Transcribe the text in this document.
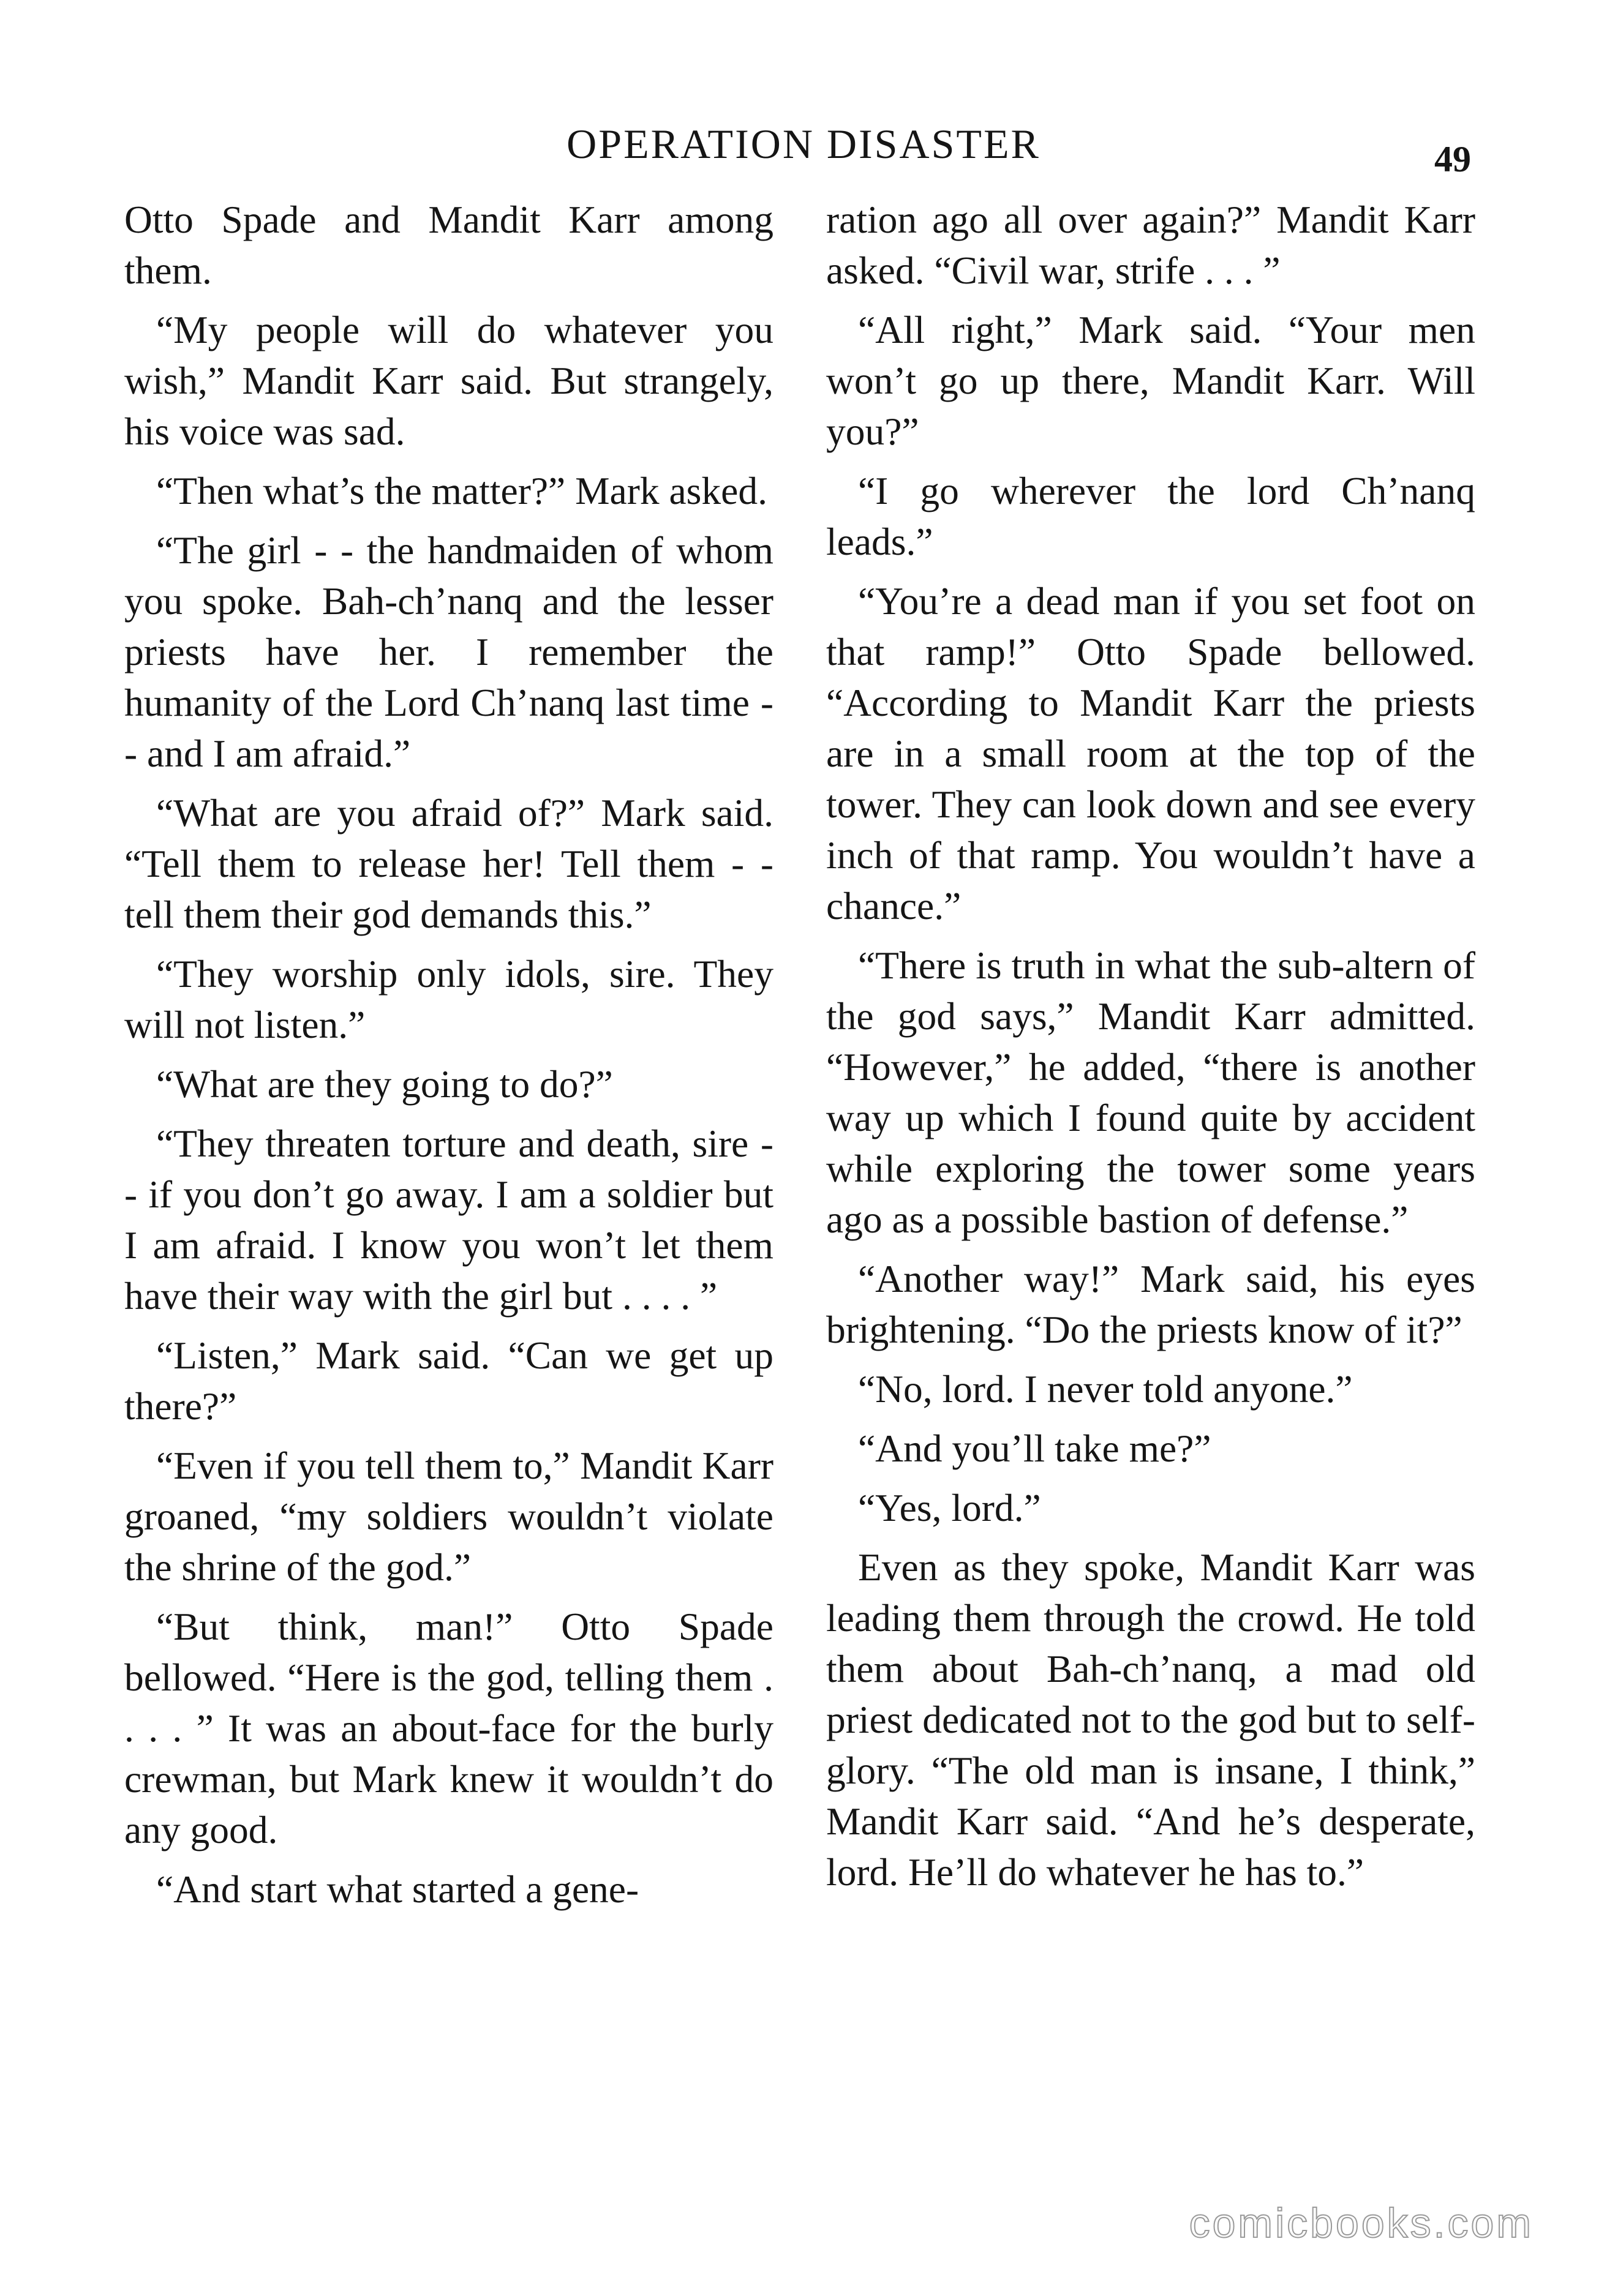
OPERATION DISASTER	49

Otto Spade and Mandit Karr among them.

“My people will do whatever you wish,” Mandit Karr said. But strangely, his voice was sad.

“Then what’s the matter?” Mark asked.

“The girl - - the handmaiden of whom you spoke. Bah-ch’nanq and the lesser priests have her. I remember the humanity of the Lord Ch’nanq last time - - and I am afraid.”

“What are you afraid of?” Mark said. “Tell them to release her! Tell them - - tell them their god demands this.”

“They worship only idols, sire. They will not listen.”

“What are they going to do?”

“They threaten torture and death, sire - - if you don’t go away. I am a soldier but I am afraid. I know you won’t let them have their way with the girl but . . . . ”

“Listen,” Mark said. “Can we get up there?”

“Even if you tell them to,” Mandit Karr groaned, “my soldiers wouldn’t violate the shrine of the god.”

“But think, man!” Otto Spade bellowed. “Here is the god, telling them . . . . ” It was an about-face for the burly crewman, but Mark knew it wouldn’t do any good.

“And start what started a gene-

ration ago all over again?” Mandit Karr asked. “Civil war, strife . . . ”

“All right,” Mark said. “Your men won’t go up there, Mandit Karr. Will you?”

“I go wherever the lord Ch’nanq leads.”

“You’re a dead man if you set foot on that ramp!” Otto Spade bellowed. “According to Mandit Karr the priests are in a small room at the top of the tower. They can look down and see every inch of that ramp. You wouldn’t have a chance.”

“There is truth in what the sub-altern of the god says,” Mandit Karr admitted. “However,” he added, “there is another way up which I found quite by accident while exploring the tower some years ago as a possible bastion of defense.”

“Another way!” Mark said, his eyes brightening. “Do the priests know of it?”

“No, lord. I never told anyone.”

“And you’ll take me?”

“Yes, lord.”

Even as they spoke, Mandit Karr was leading them through the crowd. He told them about Bah-ch’nanq, a mad old priest dedicated not to the god but to self-glory. “The old man is insane, I think,” Mandit Karr said. “And he’s desperate, lord. He’ll do whatever he has to.”

comicbooks.com
